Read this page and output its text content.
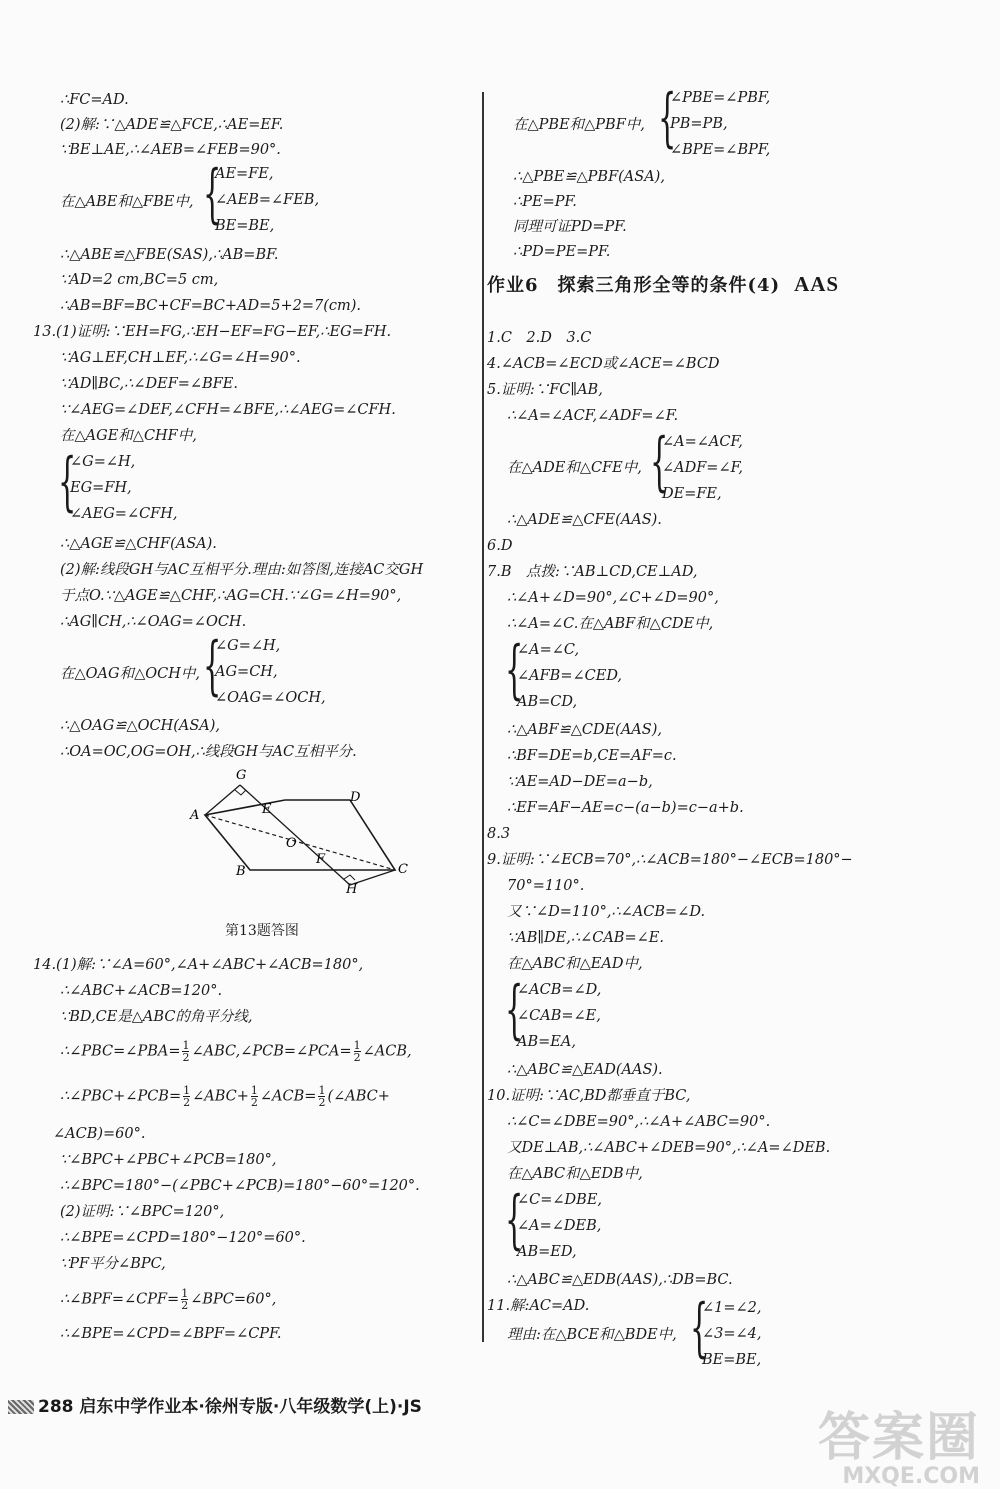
∴FC=AD.
(2)解:∵△ADE≌△FCE,∴AE=EF.
∵BE⊥AE,∴∠AEB=∠FEB=90°.
在△ABE和△FBE中, {
AE=FE,
∠AEB=∠FEB,
BE=BE,
∴△ABE≌△FBE(SAS),∴AB=BF.
∵AD=2 cm,BC=5 cm,
∴AB=BF=BC+CF=BC+AD=5+2=7(cm).
13.(1)证明:∵EH=FG,∴EH−EF=FG−EF,∴EG=FH.
∵AG⊥EF,CH⊥EF,∴∠G=∠H=90°.
∵AD∥BC,∴∠DEF=∠BFE.
∵∠AEG=∠DEF,∠CFH=∠BFE,∴∠AEG=∠CFH.
在△AGE和△CHF中,
{
∠G=∠H,
EG=FH,
∠AEG=∠CFH,
∴△AGE≌△CHF(ASA).
(2)解:线段GH与AC互相平分.理由:如答图,连接AC交GH
于点O.∵△AGE≌△CHF,∴AG=CH.∵∠G=∠H=90°,
∴AG∥CH,∴∠OAG=∠OCH.
在△OAG和△OCH中, {
∠G=∠H,
AG=CH,
∠OAG=∠OCH,
∴△OAG≌△OCH(ASA),
∴OA=OC,OG=OH,∴线段GH与AC互相平分.
A
G
D
E
O
F
C
B
H
第13题答图
14.(1)解:∵∠A=60°,∠A+∠ABC+∠ACB=180°,
∴∠ABC+∠ACB=120°.
∵BD,CE是△ABC的角平分线,
∴∠PBC=∠PBA= $\frac{1}{2}$ ∠ABC,∠PCB=∠PCA= $\frac{1}{2}$ ∠ACB,
∴∠PBC+∠PCB= $\frac{1}{2}$ ∠ABC+ $\frac{1}{2}$ ∠ACB= $\frac{1}{2}$ (∠ABC+
∠ACB)=60°.
∵∠BPC+∠PBC+∠PCB=180°,
∴∠BPC=180°−(∠PBC+∠PCB)=180°−60°=120°.
(2)证明:∵∠BPC=120°,
∴∠BPE=∠CPD=180°−120°=60°.
∵PF平分∠BPC,
∴∠BPF=∠CPF= $\frac{1}{2}$ ∠BPC=60°,
∴∠BPE=∠CPD=∠BPF=∠CPF.
在△PBE和△PBF中, {
∠PBE=∠PBF,
PB=PB,
∠BPE=∠BPF,
∴△PBE≌△PBF(ASA),
∴PE=PF.
同理可证PD=PF.
∴PD=PE=PF.
作业6　探索三角形全等的条件(4) AAS
1.C　2.D　3.C
4.∠ACB=∠ECD或∠ACE=∠BCD
5.证明:∵FC∥AB,
∴∠A=∠ACF,∠ADF=∠F.
在△ADE和△CFE中, {
∠A=∠ACF,
∠ADF=∠F,
DE=FE,
∴△ADE≌△CFE(AAS).
6.D
7.B　点拨:∵AB⊥CD,CE⊥AD,
∴∠A+∠D=90°,∠C+∠D=90°,
∴∠A=∠C.在△ABF和△CDE中,
{
∠A=∠C,
∠AFB=∠CED,
AB=CD,
∴△ABF≌△CDE(AAS),
∴BF=DE=b,CE=AF=c.
∵AE=AD−DE=a−b,
∴EF=AF−AE=c−(a−b)=c−a+b.
8.3
9.证明:∵∠ECB=70°,∴∠ACB=180°−∠ECB=180°−
70°=110°.
又∵∠D=110°,∴∠ACB=∠D.
∵AB∥DE,∴∠CAB=∠E.
在△ABC和△EAD中,
{
∠ACB=∠D,
∠CAB=∠E,
AB=EA,
∴△ABC≌△EAD(AAS).
10.证明:∵AC,BD都垂直于BC,
∴∠C=∠DBE=90°,∴∠A+∠ABC=90°.
又DE⊥AB,∴∠ABC+∠DEB=90°,∴∠A=∠DEB.
在△ABC和△EDB中,
{
∠C=∠DBE,
∠A=∠DEB,
AB=ED,
∴△ABC≌△EDB(AAS),∴DB=BC.
11.解:AC=AD.
理由:在△BCE和△BDE中, {
∠1=∠2,
∠3=∠4,
BE=BE,
288 启东中学作业本·徐州专版·八年级数学(上)·JS
答案圈
MXQE.COM
